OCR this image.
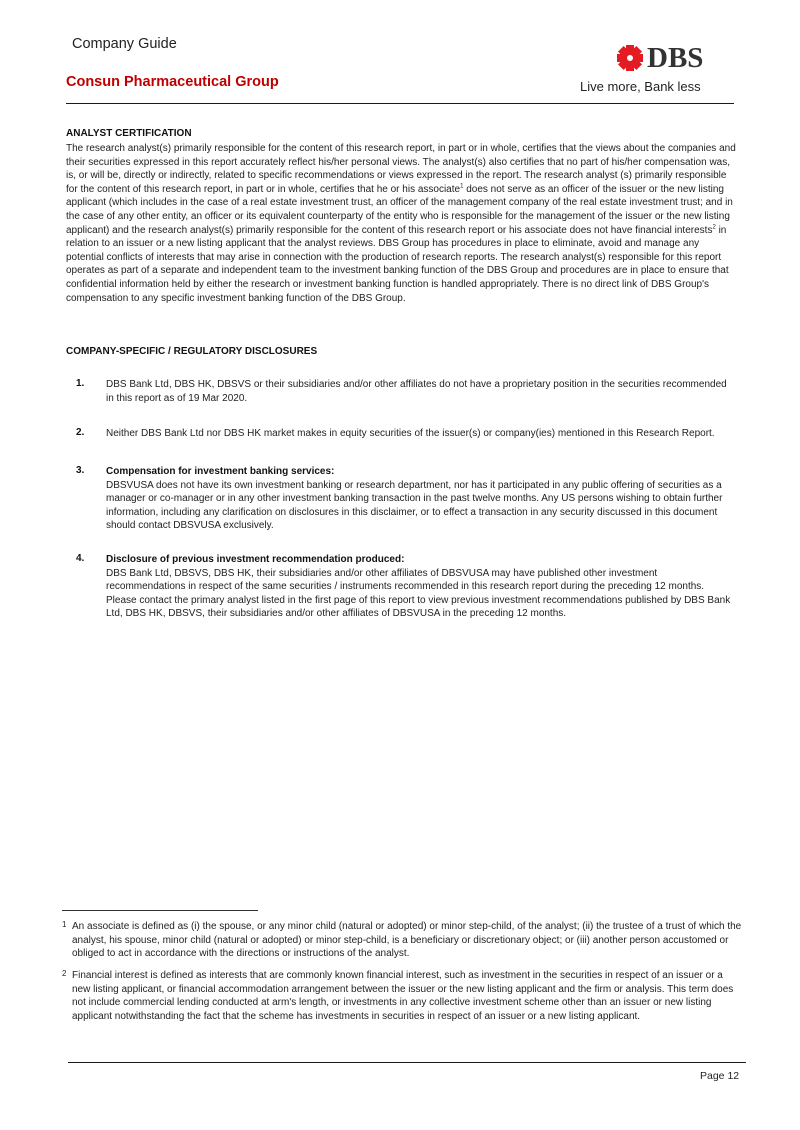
Company Guide
Consun Pharmaceutical Group
DBS
Live more, Bank less
ANALYST CERTIFICATION
The research analyst(s) primarily responsible for the content of this research report, in part or in whole, certifies that the views about the companies and their securities expressed in this report accurately reflect his/her personal views. The analyst(s) also certifies that no part of his/her compensation was, is, or will be, directly or indirectly, related to specific recommendations or views expressed in the report. The research analyst (s) primarily responsible for the content of this research report, in part or in whole, certifies that he or his associate$^1$ does not serve as an officer of the issuer or the new listing applicant (which includes in the case of a real estate investment trust, an officer of the management company of the real estate investment trust; and in the case of any other entity, an officer or its equivalent counterparty of the entity who is responsible for the management of the issuer or the new listing applicant) and the research analyst(s) primarily responsible for the content of this research report or his associate does not have financial interests$^2$ in relation to an issuer or a new listing applicant that the analyst reviews. DBS Group has procedures in place to eliminate, avoid and manage any potential conflicts of interests that may arise in connection with the production of research reports. The research analyst(s) responsible for this report operates as part of a separate and independent team to the investment banking function of the DBS Group and procedures are in place to ensure that confidential information held by either the research or investment banking function is handled appropriately. There is no direct link of DBS Group's compensation to any specific investment banking function of the DBS Group.
COMPANY-SPECIFIC / REGULATORY DISCLOSURES
1. DBS Bank Ltd, DBS HK, DBSVS or their subsidiaries and/or other affiliates do not have a proprietary position in the securities recommended in this report as of 19 Mar 2020.
2. Neither DBS Bank Ltd nor DBS HK market makes in equity securities of the issuer(s) or company(ies) mentioned in this Research Report.
3. Compensation for investment banking services:
DBSVUSA does not have its own investment banking or research department, nor has it participated in any public offering of securities as a manager or co-manager or in any other investment banking transaction in the past twelve months. Any US persons wishing to obtain further information, including any clarification on disclosures in this disclaimer, or to effect a transaction in any security discussed in this document should contact DBSVUSA exclusively.
4. Disclosure of previous investment recommendation produced:
DBS Bank Ltd, DBSVS, DBS HK, their subsidiaries and/or other affiliates of DBSVUSA may have published other investment recommendations in respect of the same securities / instruments recommended in this research report during the preceding 12 months. Please contact the primary analyst listed in the first page of this report to view previous investment recommendations published by DBS Bank Ltd, DBS HK, DBSVS, their subsidiaries and/or other affiliates of DBSVUSA in the preceding 12 months.
1 An associate is defined as (i) the spouse, or any minor child (natural or adopted) or minor step-child, of the analyst; (ii) the trustee of a trust of which the analyst, his spouse, minor child (natural or adopted) or minor step-child, is a beneficiary or discretionary object; or (iii) another person accustomed or obliged to act in accordance with the directions or instructions of the analyst.
2 Financial interest is defined as interests that are commonly known financial interest, such as investment in the securities in respect of an issuer or a new listing applicant, or financial accommodation arrangement between the issuer or the new listing applicant and the firm or analysis. This term does not include commercial lending conducted at arm's length, or investments in any collective investment scheme other than an issuer or new listing applicant notwithstanding the fact that the scheme has investments in securities in respect of an issuer or a new listing applicant.
Page 12
